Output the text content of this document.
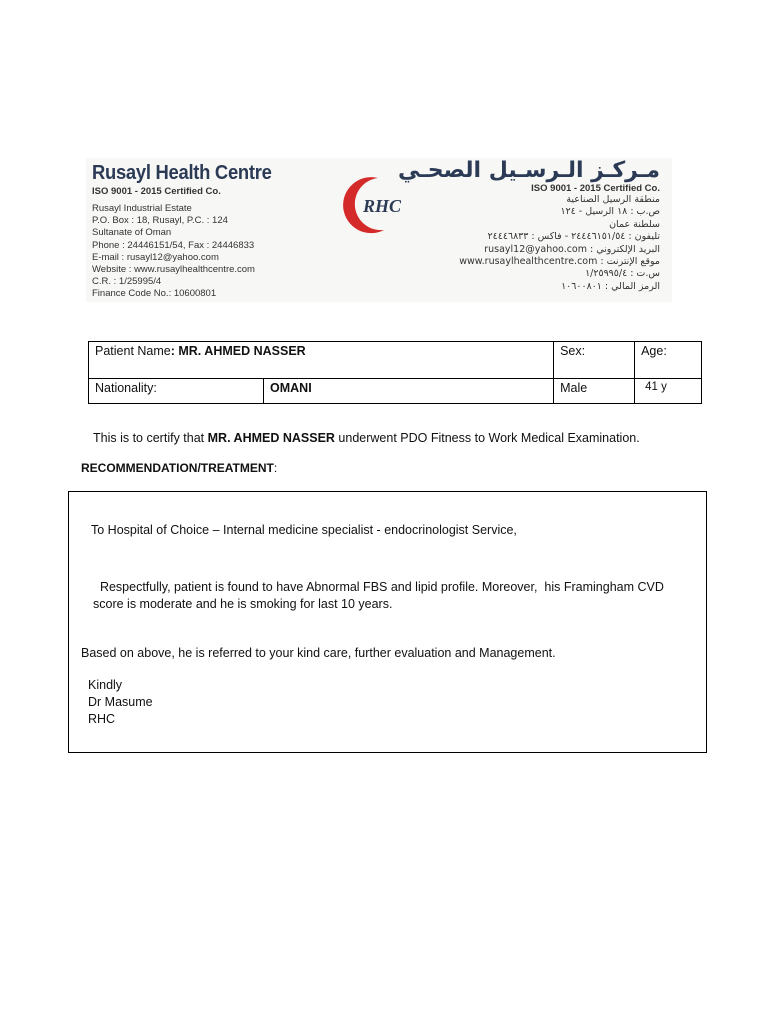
Rusayl Health Centre
ISO 9001 - 2015 Certified Co.
Rusayl Industrial Estate
P.O. Box : 18, Rusayl, P.C. : 124
Sultanate of Oman
Phone : 24446151/54, Fax : 24446833
E-mail : rusayl12@yahoo.com
Website : www.rusaylhealthcentre.com
C.R. : 1/25995/4
Finance Code No.: 10600801
RHC
مـركـز الـرسـيل الصحـي
ISO 9001 - 2015 Certified Co.
منطقة الرسيل الصناعية
ص.ب : ١٨ الرسيل - ١٢٤
سلطنة عمان
تليفون : ٢٤٤٤٦١٥١/٥٤ - فاكس : ٢٤٤٤٦٨٣٣
البريد الإلكتروني : rusayl12@yahoo.com
موقع الإنترنت : www.rusaylhealthcentre.com
س.ت : ١/٢٥٩٩٥/٤
الرمز المالي : ١٠٦٠٠٨٠١
Patient Name: MR. AHMED NASSER		Sex:	Age:
Nationality:	OMANI	Male	41 y
This is to certify that MR. AHMED NASSER underwent PDO Fitness to Work Medical Examination.
RECOMMENDATION/TREATMENT:
To Hospital of Choice – Internal medicine specialist - endocrinologist Service,
Respectfully, patient is found to have Abnormal FBS and lipid profile. Moreover,  his Framingham CVD
score is moderate and he is smoking for last 10 years.
Based on above, he is referred to your kind care, further evaluation and Management.
Kindly
Dr Masume
RHC
